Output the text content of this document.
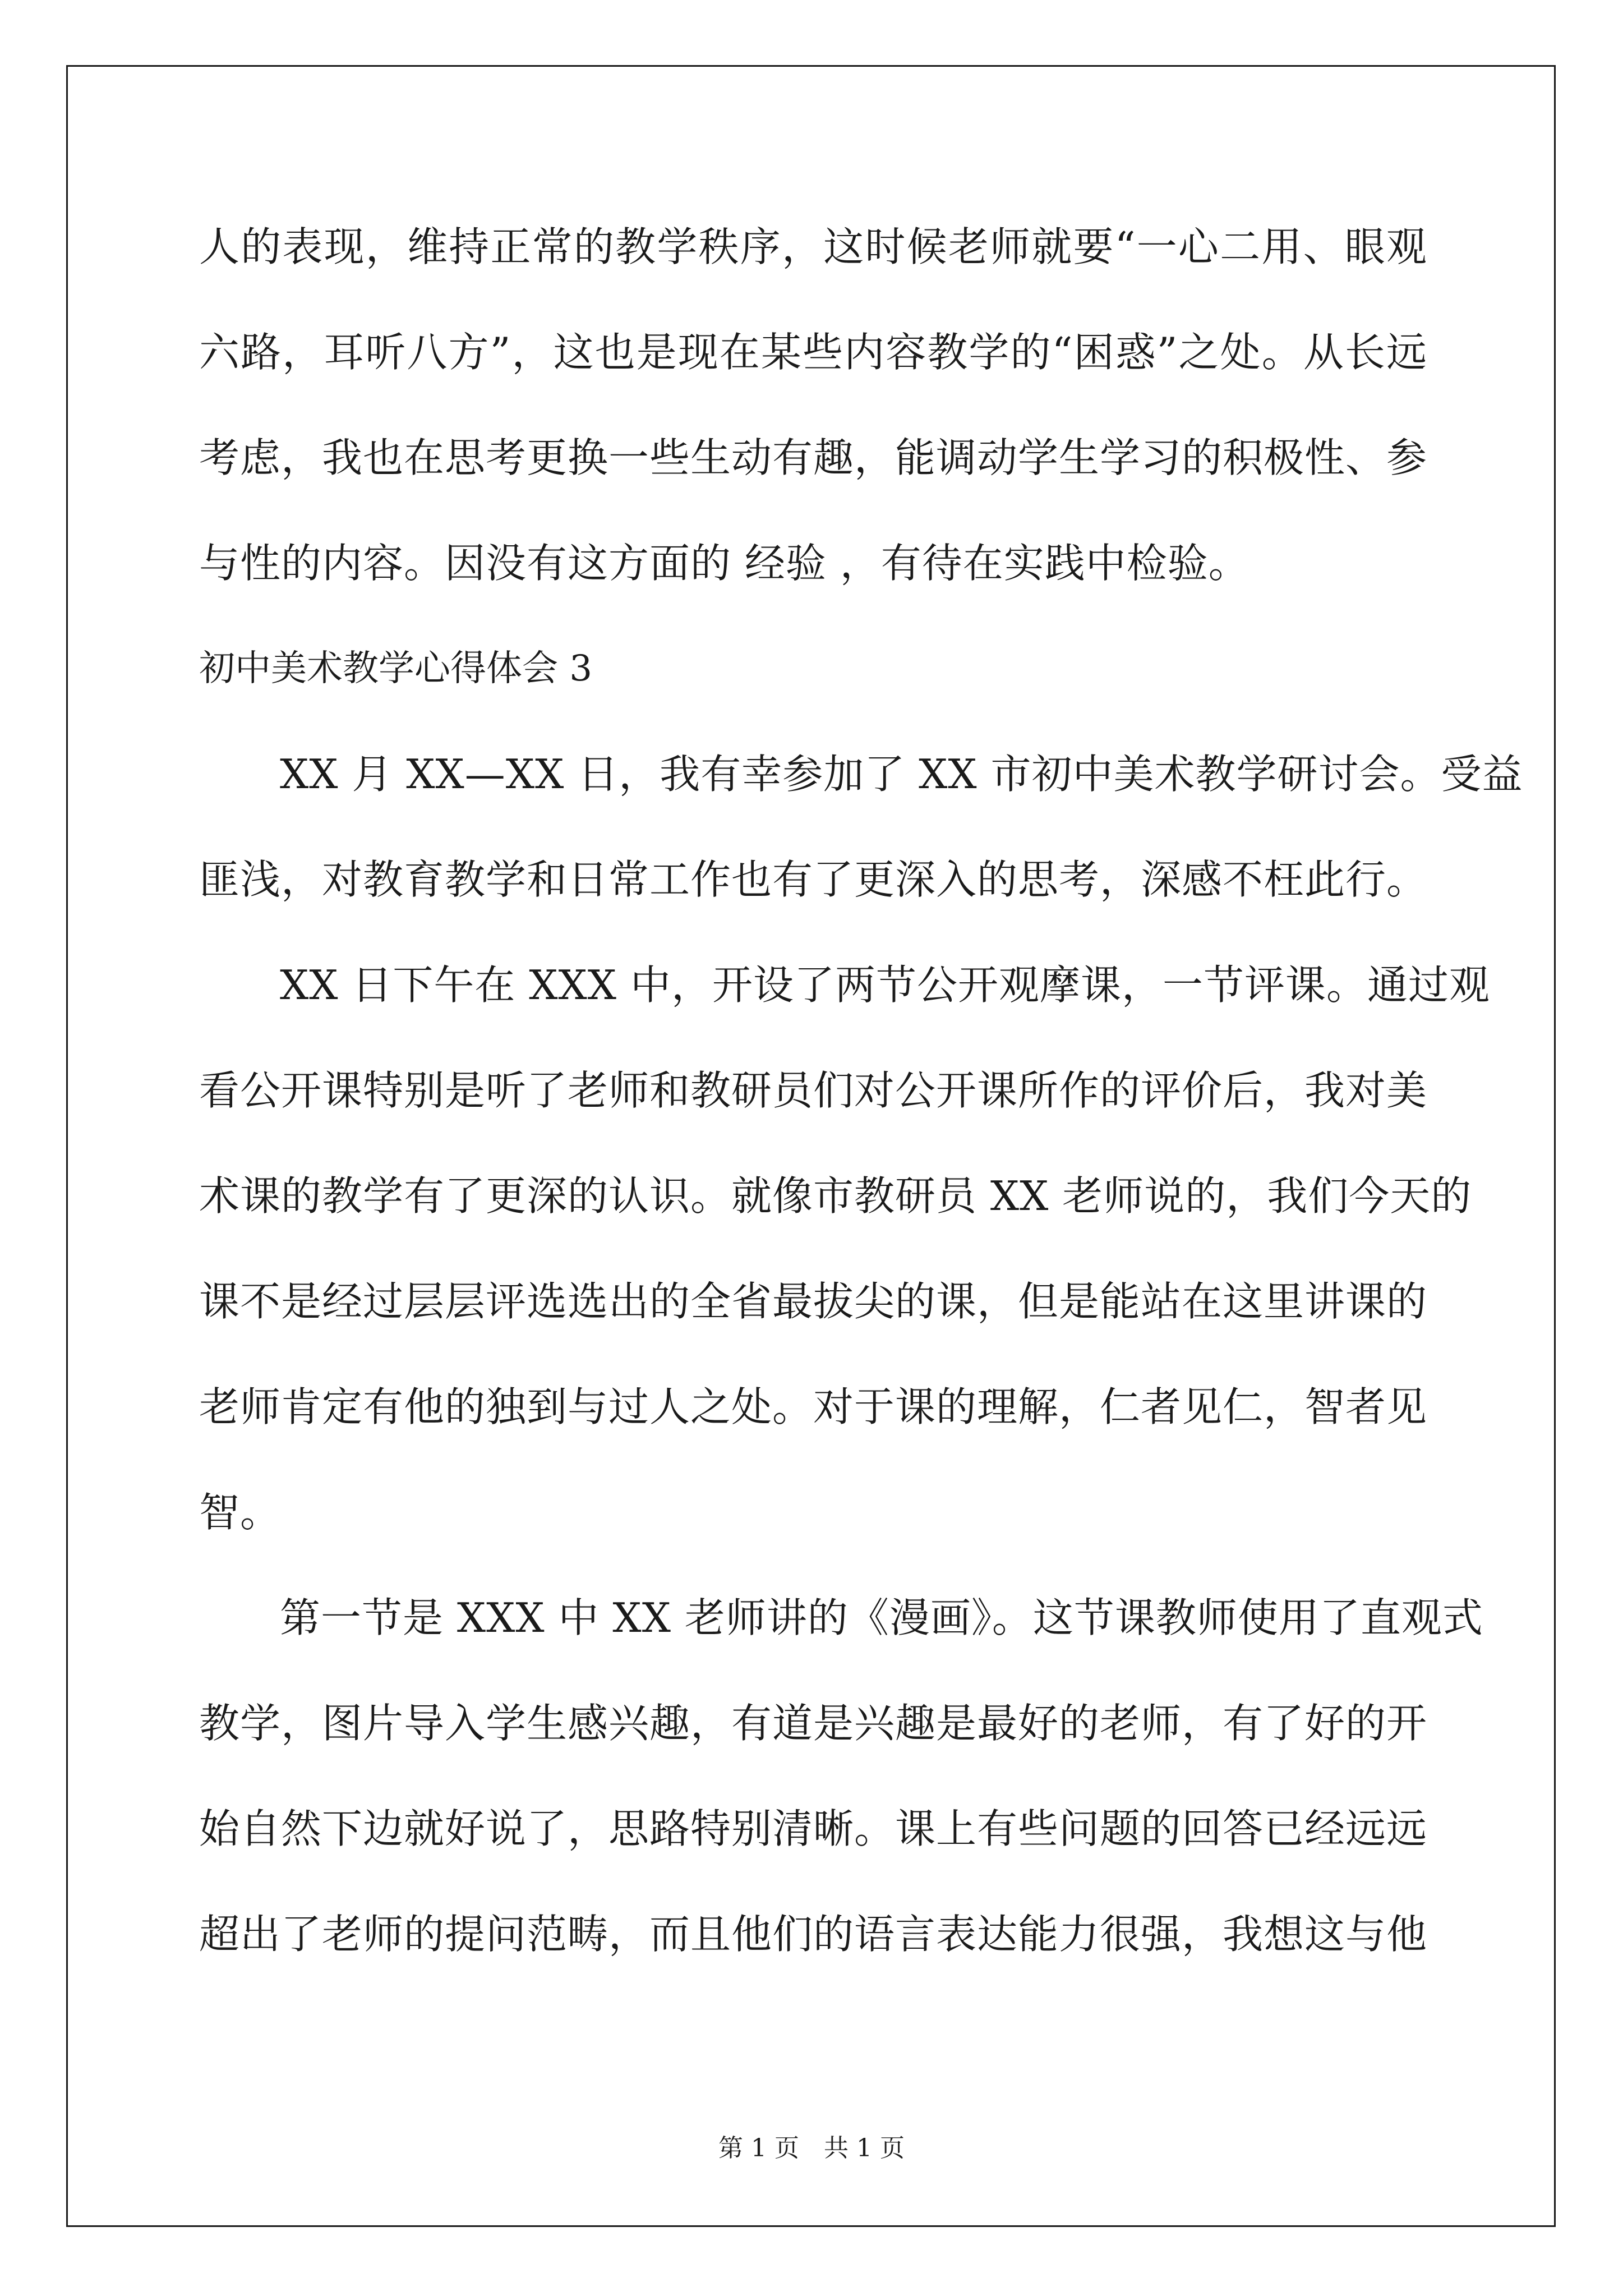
人的表现，维持正常的教学秩序，这时候老师就要“一心二用、眼观
六路，耳听八方”，这也是现在某些内容教学的“困惑”之处。从长远
考虑，我也在思考更换一些生动有趣，能调动学生学习的积极性、参
与性的内容。因没有这方面的 经验 ，有待在实践中检验。
初中美术教学心得体会 3
XX 月 XX—XX 日，我有幸参加了 XX 市初中美术教学研讨会。受益
匪浅，对教育教学和日常工作也有了更深入的思考，深感不枉此行。
XX 日下午在 XXX 中，开设了两节公开观摩课，一节评课。通过观
看公开课特别是听了老师和教研员们对公开课所作的评价后，我对美
术课的教学有了更深的认识。就像市教研员 XX 老师说的，我们今天的
课不是经过层层评选选出的全省最拔尖的课，但是能站在这里讲课的
老师肯定有他的独到与过人之处。对于课的理解，仁者见仁，智者见
智。
第一节是 XXX 中 XX 老师讲的《漫画》。这节课教师使用了直观式
教学，图片导入学生感兴趣，有道是兴趣是最好的老师，有了好的开
始自然下边就好说了，思路特别清晰。课上有些问题的回答已经远远
超出了老师的提问范畴，而且他们的语言表达能力很强，我想这与他
第 1 页　共 1 页
